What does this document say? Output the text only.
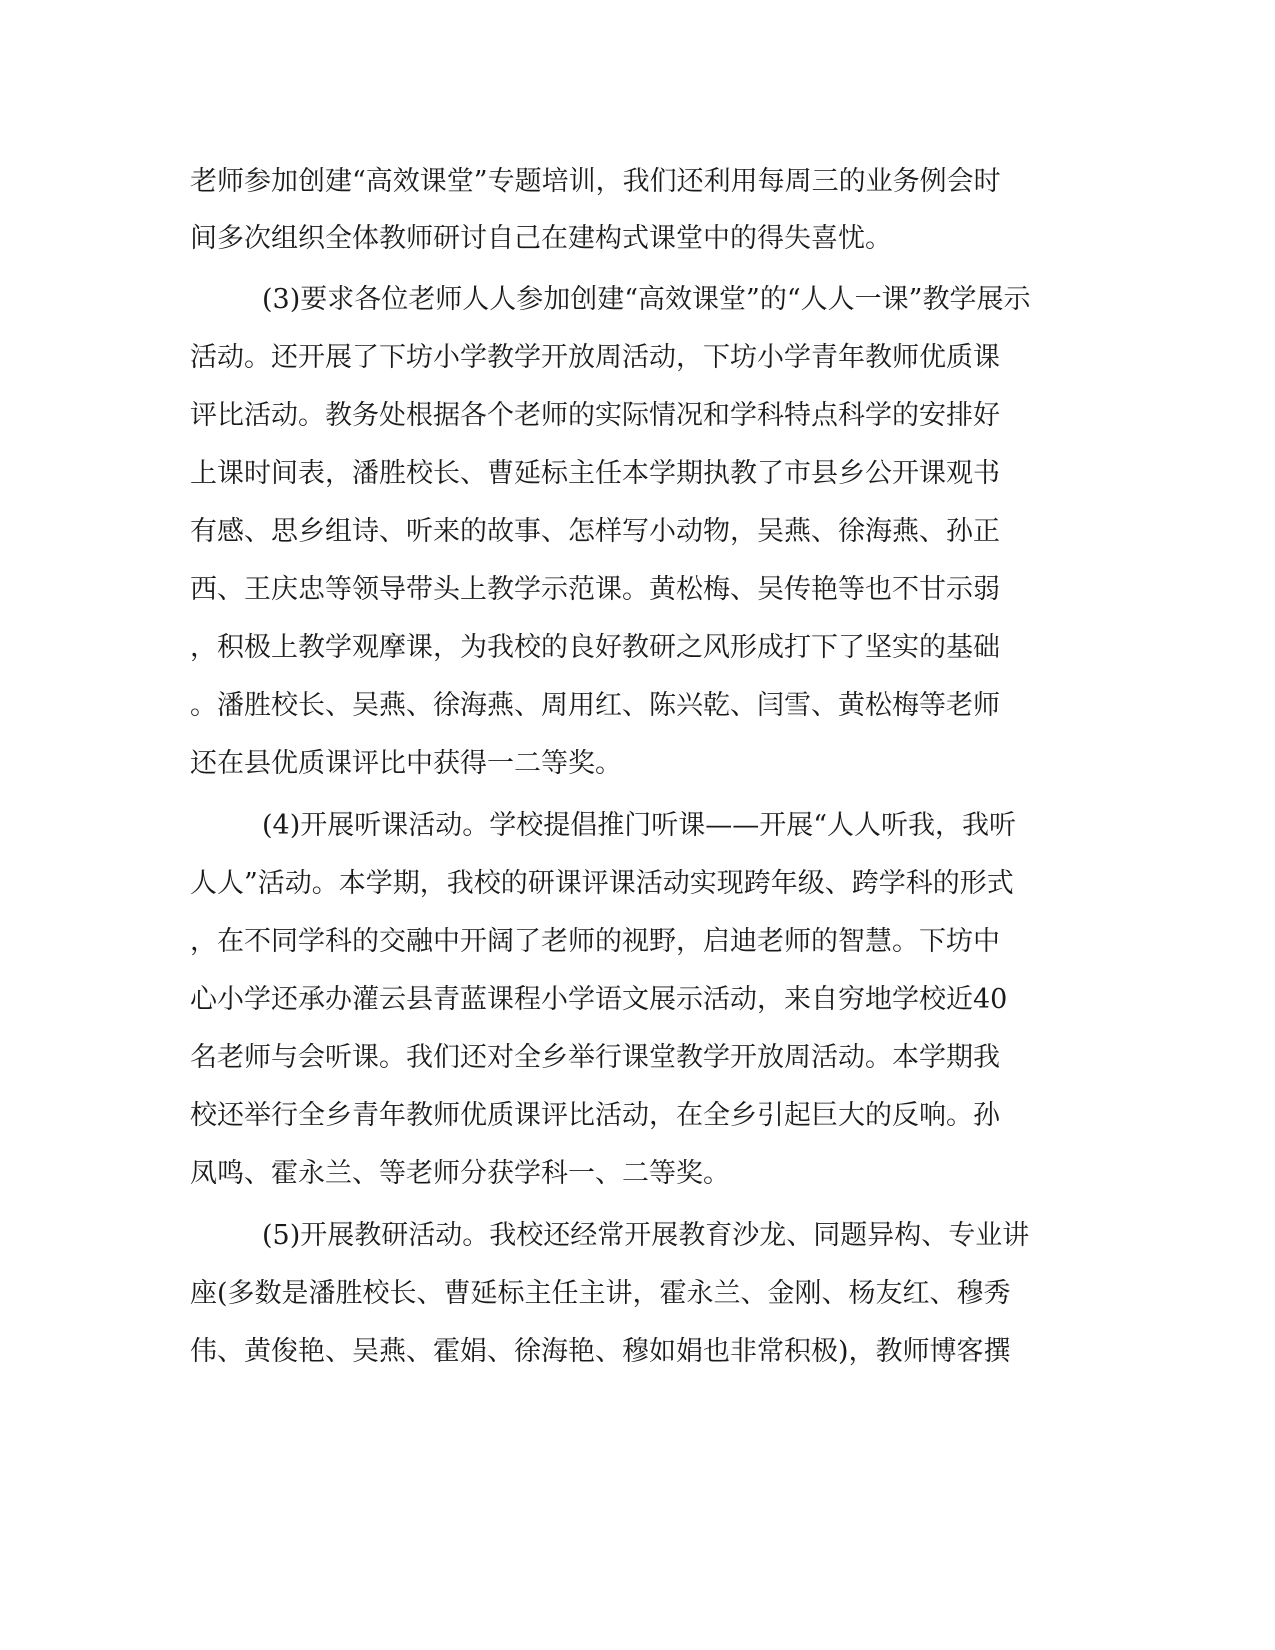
老师参加创建“高效课堂”专题培训，我们还利用每周三的业务例会时
间多次组织全体教师研讨自己在建构式课堂中的得失喜忧。
(3)要求各位老师人人参加创建“高效课堂”的“人人一课”教学展示
活动。还开展了下坊小学教学开放周活动，下坊小学青年教师优质课
评比活动。教务处根据各个老师的实际情况和学科特点科学的安排好
上课时间表，潘胜校长、曹延标主任本学期执教了市县乡公开课观书
有感、思乡组诗、听来的故事、怎样写小动物，吴燕、徐海燕、孙正
西、王庆忠等领导带头上教学示范课。黄松梅、吴传艳等也不甘示弱
，积极上教学观摩课，为我校的良好教研之风形成打下了坚实的基础
。潘胜校长、吴燕、徐海燕、周用红、陈兴乾、闫雪、黄松梅等老师
还在县优质课评比中获得一二等奖。
(4)开展听课活动。学校提倡推门听课——开展“人人听我，我听
人人”活动。本学期，我校的研课评课活动实现跨年级、跨学科的形式
，在不同学科的交融中开阔了老师的视野，启迪老师的智慧。下坊中
心小学还承办灌云县青蓝课程小学语文展示活动，来自穷地学校近40
名老师与会听课。我们还对全乡举行课堂教学开放周活动。本学期我
校还举行全乡青年教师优质课评比活动，在全乡引起巨大的反响。孙
凤鸣、霍永兰、等老师分获学科一、二等奖。
(5)开展教研活动。我校还经常开展教育沙龙、同题异构、专业讲
座(多数是潘胜校长、曹延标主任主讲，霍永兰、金刚、杨友红、穆秀
伟、黄俊艳、吴燕、霍娟、徐海艳、穆如娟也非常积极)，教师博客撰
